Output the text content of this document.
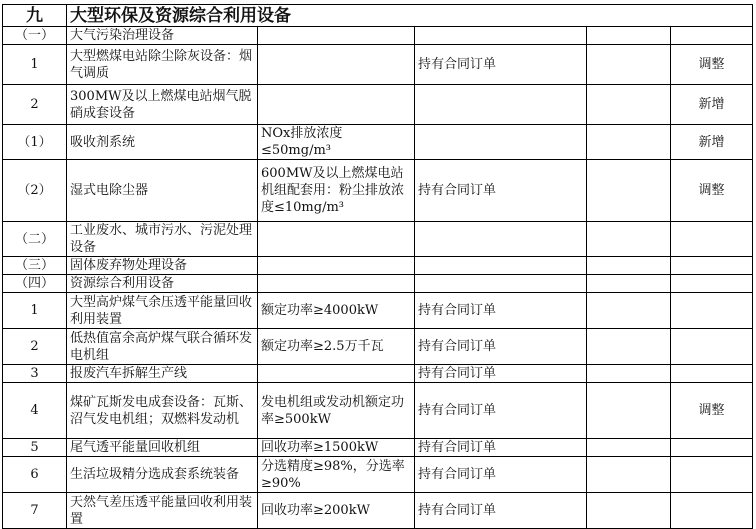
九	大型环保及资源综合利用设备				
（一）	大气污染治理设备				
1	大型燃煤电站除尘除灰设备：烟气调质		持有合同订单		调整
2	300MW及以上燃煤电站烟气脱硝成套设备				新增
（1）	吸收剂系统	NOx排放浓度≤50mg/m³			新增
（2）	湿式电除尘器	600MW及以上燃煤电站机组配套用：粉尘排放浓度≤10mg/m³	持有合同订单		调整
（二）	工业废水、城市污水、污泥处理设备				
（三）	固体废弃物处理设备				
（四）	资源综合利用设备				
1	大型高炉煤气余压透平能量回收利用装置	额定功率≥4000kW	持有合同订单		
2	低热值富余高炉煤气联合循环发电机组	额定功率≥2.5万千瓦	持有合同订单		
3	报废汽车拆解生产线		持有合同订单		
4	煤矿瓦斯发电成套设备：瓦斯、沼气发电机组；双燃料发动机	发电机组或发动机额定功率≥500kW	持有合同订单		调整
5	尾气透平能量回收机组	回收功率≥1500kW	持有合同订单		
6	生活垃圾精分选成套系统装备	分选精度≥98%，分选率≥90%	持有合同订单		
7	天然气差压透平能量回收利用装置	回收功率≥200kW	持有合同订单		
